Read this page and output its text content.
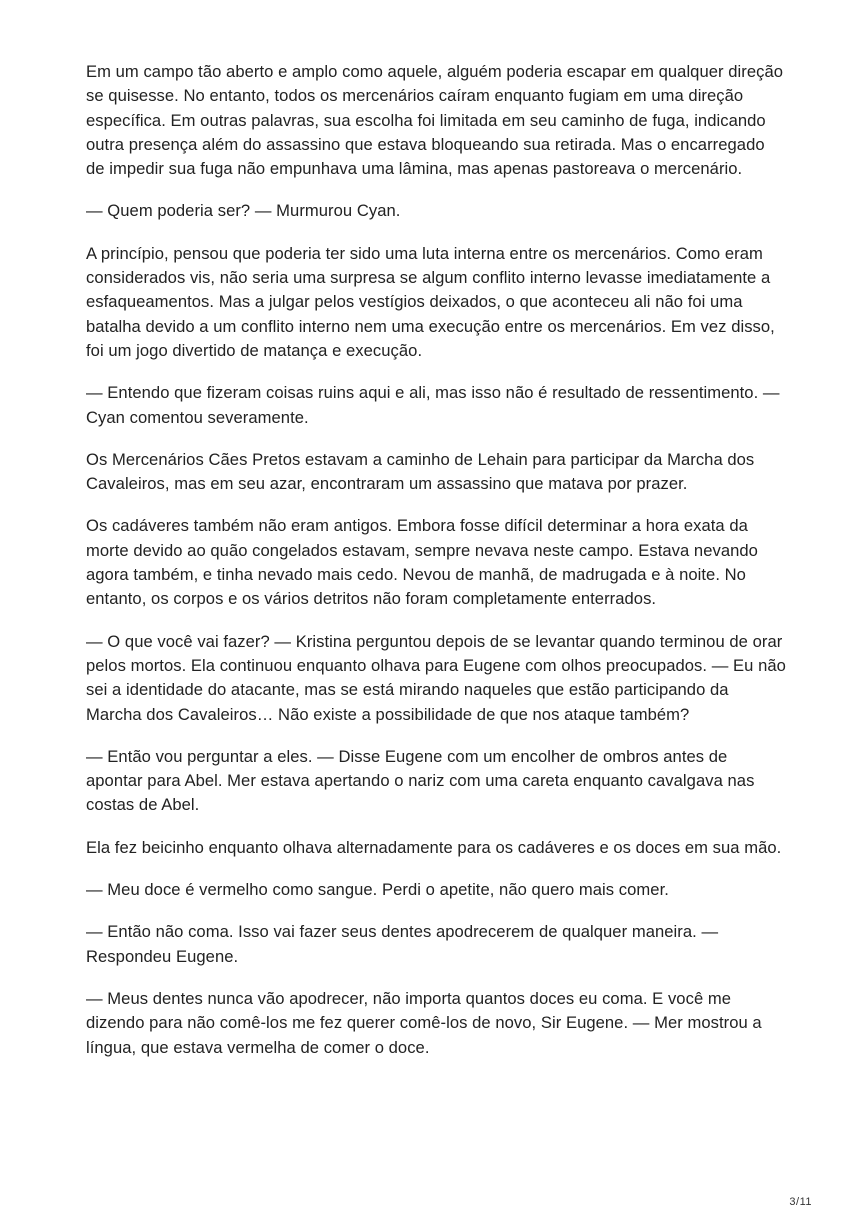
Em um campo tão aberto e amplo como aquele, alguém poderia escapar em qualquer direção se quisesse. No entanto, todos os mercenários caíram enquanto fugiam em uma direção específica. Em outras palavras, sua escolha foi limitada em seu caminho de fuga, indicando outra presença além do assassino que estava bloqueando sua retirada. Mas o encarregado de impedir sua fuga não empunhava uma lâmina, mas apenas pastoreava o mercenário.

— Quem poderia ser? — Murmurou Cyan.

A princípio, pensou que poderia ter sido uma luta interna entre os mercenários. Como eram considerados vis, não seria uma surpresa se algum conflito interno levasse imediatamente a esfaqueamentos. Mas a julgar pelos vestígios deixados, o que aconteceu ali não foi uma batalha devido a um conflito interno nem uma execução entre os mercenários. Em vez disso, foi um jogo divertido de matança e execução.

— Entendo que fizeram coisas ruins aqui e ali, mas isso não é resultado de ressentimento. — Cyan comentou severamente.

Os Mercenários Cães Pretos estavam a caminho de Lehain para participar da Marcha dos Cavaleiros, mas em seu azar, encontraram um assassino que matava por prazer.

Os cadáveres também não eram antigos. Embora fosse difícil determinar a hora exata da morte devido ao quão congelados estavam, sempre nevava neste campo. Estava nevando agora também, e tinha nevado mais cedo. Nevou de manhã, de madrugada e à noite. No entanto, os corpos e os vários detritos não foram completamente enterrados.

— O que você vai fazer? — Kristina perguntou depois de se levantar quando terminou de orar pelos mortos. Ela continuou enquanto olhava para Eugene com olhos preocupados. — Eu não sei a identidade do atacante, mas se está mirando naqueles que estão participando da Marcha dos Cavaleiros… Não existe a possibilidade de que nos ataque também?

— Então vou perguntar a eles. — Disse Eugene com um encolher de ombros antes de apontar para Abel. Mer estava apertando o nariz com uma careta enquanto cavalgava nas costas de Abel.

Ela fez beicinho enquanto olhava alternadamente para os cadáveres e os doces em sua mão.

— Meu doce é vermelho como sangue. Perdi o apetite, não quero mais comer.

— Então não coma. Isso vai fazer seus dentes apodrecerem de qualquer maneira. — Respondeu Eugene.

— Meus dentes nunca vão apodrecer, não importa quantos doces eu coma. E você me dizendo para não comê-los me fez querer comê-los de novo, Sir Eugene. — Mer mostrou a língua, que estava vermelha de comer o doce.

3/11
